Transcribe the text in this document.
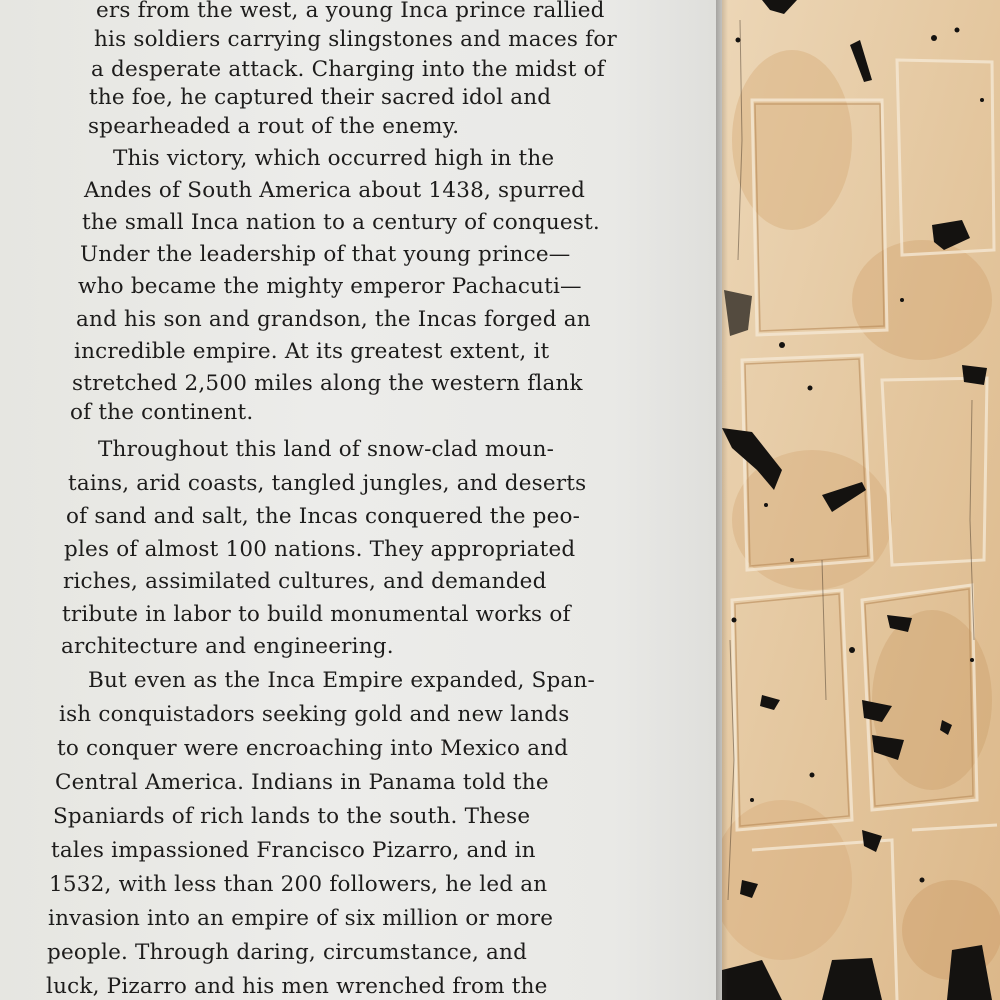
ers from the west, a young Inca prince rallied
his soldiers carrying slingstones and maces for
a desperate attack. Charging into the midst of
the foe, he captured their sacred idol and
spearheaded a rout of the enemy.
This victory, which occurred high in the
Andes of South America about 1438, spurred
the small Inca nation to a century of conquest.
Under the leadership of that young prince—
who became the mighty emperor Pachacuti—
and his son and grandson, the Incas forged an
incredible empire. At its greatest extent, it
stretched 2,500 miles along the western flank
of the continent.
Throughout this land of snow-clad moun-
tains, arid coasts, tangled jungles, and deserts
of sand and salt, the Incas conquered the peo-
ples of almost 100 nations. They appropriated
riches, assimilated cultures, and demanded
tribute in labor to build monumental works of
architecture and engineering.
But even as the Inca Empire expanded, Span-
ish conquistadors seeking gold and new lands
to conquer were encroaching into Mexico and
Central America. Indians in Panama told the
Spaniards of rich lands to the south. These
tales impassioned Francisco Pizarro, and in
1532, with less than 200 followers, he led an
invasion into an empire of six million or more
people. Through daring, circumstance, and
luck, Pizarro and his men wrenched from the
